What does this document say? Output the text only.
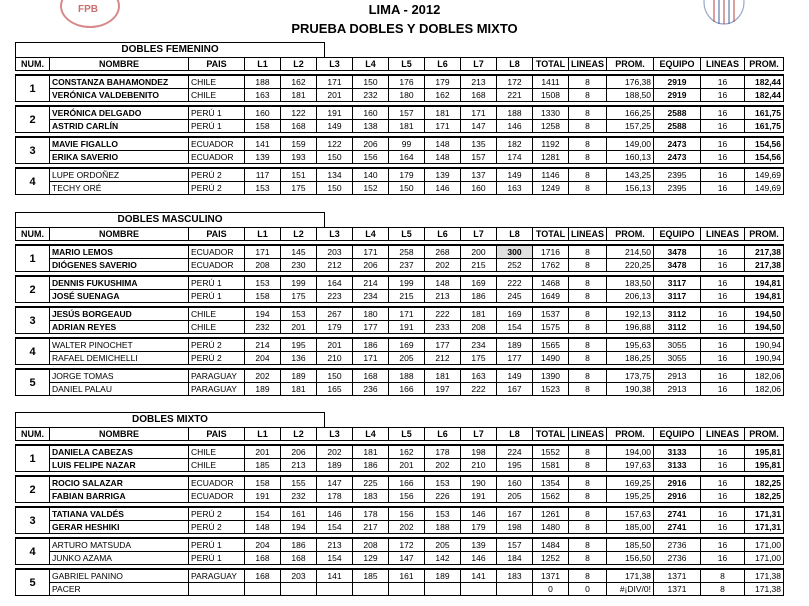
FPB	LIMA - 2012
PRUEBA DOBLES Y DOBLES MIXTO
DOBLES FEMENINO
NUM.	NOMBRE	PAIS	L1	L2	L3	L4	L5	L6	L7	L8	TOTAL	LINEAS	PROM.	EQUIPO	LINEAS	PROM.

1	CONSTANZA BAHAMONDEZ	CHILE	188	162	171	150	176	179	213	172	1411	8	176,38	2919	16	182,44
	VERÓNICA VALDEBENITO	CHILE	163	181	201	232	180	162	168	221	1508	8	188,50	2919	16	182,44

2	VERÓNICA DELGADO	PERÚ 1	160	122	191	160	157	181	171	188	1330	8	166,25	2588	16	161,75
	ASTRID CARLÍN	PERÚ 1	158	168	149	138	181	171	147	146	1258	8	157,25	2588	16	161,75

3	MAVIE FIGALLO	ECUADOR	141	159	122	206	99	148	135	182	1192	8	149,00	2473	16	154,56
	ERIKA SAVERIO	ECUADOR	139	193	150	156	164	148	157	174	1281	8	160,13	2473	16	154,56

4	LUPE ORDOÑEZ	PERÚ 2	117	151	134	140	179	139	137	149	1146	8	143,25	2395	16	149,69
	TECHY ORÉ	PERÚ 2	153	175	150	152	150	146	160	163	1249	8	156,13	2395	16	149,69
DOBLES MASCULINO
NUM.	NOMBRE	PAIS	L1	L2	L3	L4	L5	L6	L7	L8	TOTAL	LINEAS	PROM.	EQUIPO	LINEAS	PROM.

1	MARIO LEMOS	ECUADOR	171	145	203	171	258	268	200	300	1716	8	214,50	3478	16	217,38
	DIÓGENES SAVERIO	ECUADOR	208	230	212	206	237	202	215	252	1762	8	220,25	3478	16	217,38

2	DENNIS FUKUSHIMA	PERÚ 1	153	199	164	214	199	148	169	222	1468	8	183,50	3117	16	194,81
	JOSÉ SUENAGA	PERÚ 1	158	175	223	234	215	213	186	245	1649	8	206,13	3117	16	194,81

3	JESÚS BORGEAUD	CHILE	194	153	267	180	171	222	181	169	1537	8	192,13	3112	16	194,50
	ADRIAN REYES	CHILE	232	201	179	177	191	233	208	154	1575	8	196,88	3112	16	194,50

4	WALTER PINOCHET	PERÚ 2	214	195	201	186	169	177	234	189	1565	8	195,63	3055	16	190,94
	RAFAEL DEMICHELLI	PERÚ 2	204	136	210	171	205	212	175	177	1490	8	186,25	3055	16	190,94

5	JORGE TOMAS	PARAGUAY	202	189	150	168	188	181	163	149	1390	8	173,75	2913	16	182,06
	DANIEL PALAU	PARAGUAY	189	181	165	236	166	197	222	167	1523	8	190,38	2913	16	182,06
DOBLES MIXTO
NUM.	NOMBRE	PAIS	L1	L2	L3	L4	L5	L6	L7	L8	TOTAL	LINEAS	PROM.	EQUIPO	LINEAS	PROM.

1	DANIELA CABEZAS	CHILE	201	206	202	181	162	178	198	224	1552	8	194,00	3133	16	195,81
	LUIS FELIPE NAZAR	CHILE	185	213	189	186	201	202	210	195	1581	8	197,63	3133	16	195,81

2	ROCIO SALAZAR	ECUADOR	158	155	147	225	166	153	190	160	1354	8	169,25	2916	16	182,25
	FABIAN BARRIGA	ECUADOR	191	232	178	183	156	226	191	205	1562	8	195,25	2916	16	182,25

3	TATIANA VALDÉS	PERÚ 2	154	161	146	178	156	153	146	167	1261	8	157,63	2741	16	171,31
	GERAR HESHIKI	PERÚ 2	148	194	154	217	202	188	179	198	1480	8	185,00	2741	16	171,31

4	ARTURO MATSUDA	PERÚ 1	204	186	213	208	172	205	139	157	1484	8	185,50	2736	16	171,00
	JUNKO AZAMA	PERÚ 1	168	168	154	129	147	142	146	184	1252	8	156,50	2736	16	171,00

5	GABRIEL PANINO	PARAGUAY	168	203	141	185	161	189	141	183	1371	8	171,38	1371	8	171,38
	PACER										0	0	#¡DIV/0!	1371	8	171,38
